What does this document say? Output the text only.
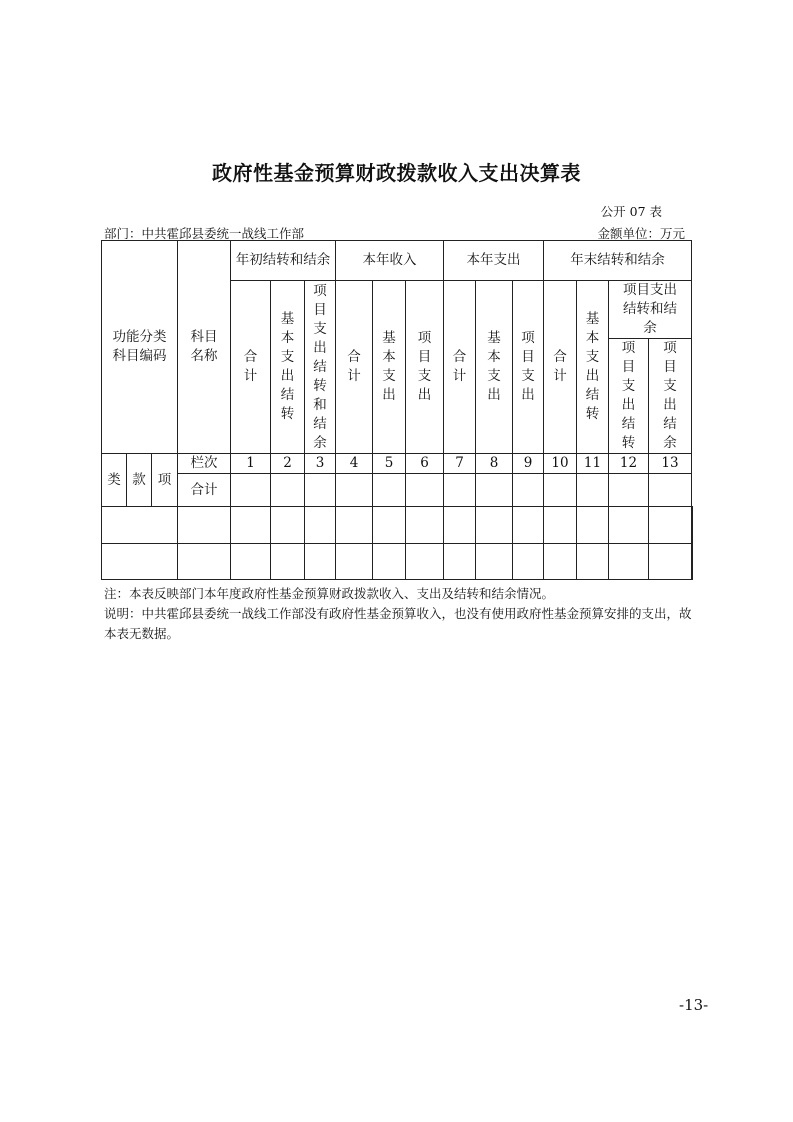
政府性基金预算财政拨款收入支出决算表
公开 07 表
部门：中共霍邱县委统一战线工作部	金额单位：万元
功能分类科目编码			科目名称	年初结转和结余			本年收入			本年支出			年末结转和结余				
				合计	基本支出结转	项目支出结转和结余	合计	基本支出	项目支出	合计	基本支出	项目支出	合计	基本支出结转	项目支出结转和结余		

															项目支出结转	项目支出结余	
类	款	项	栏次	1	2	3	4	5	6	7	8	9	10	11	12	13	
			合计														

注：本表反映部门本年度政府性基金预算财政拨款收入、支出及结转和结余情况。
说明：中共霍邱县委统一战线工作部没有政府性基金预算收入，也没有使用政府性基金预算安排的支出，故本表无数据。
-13-
